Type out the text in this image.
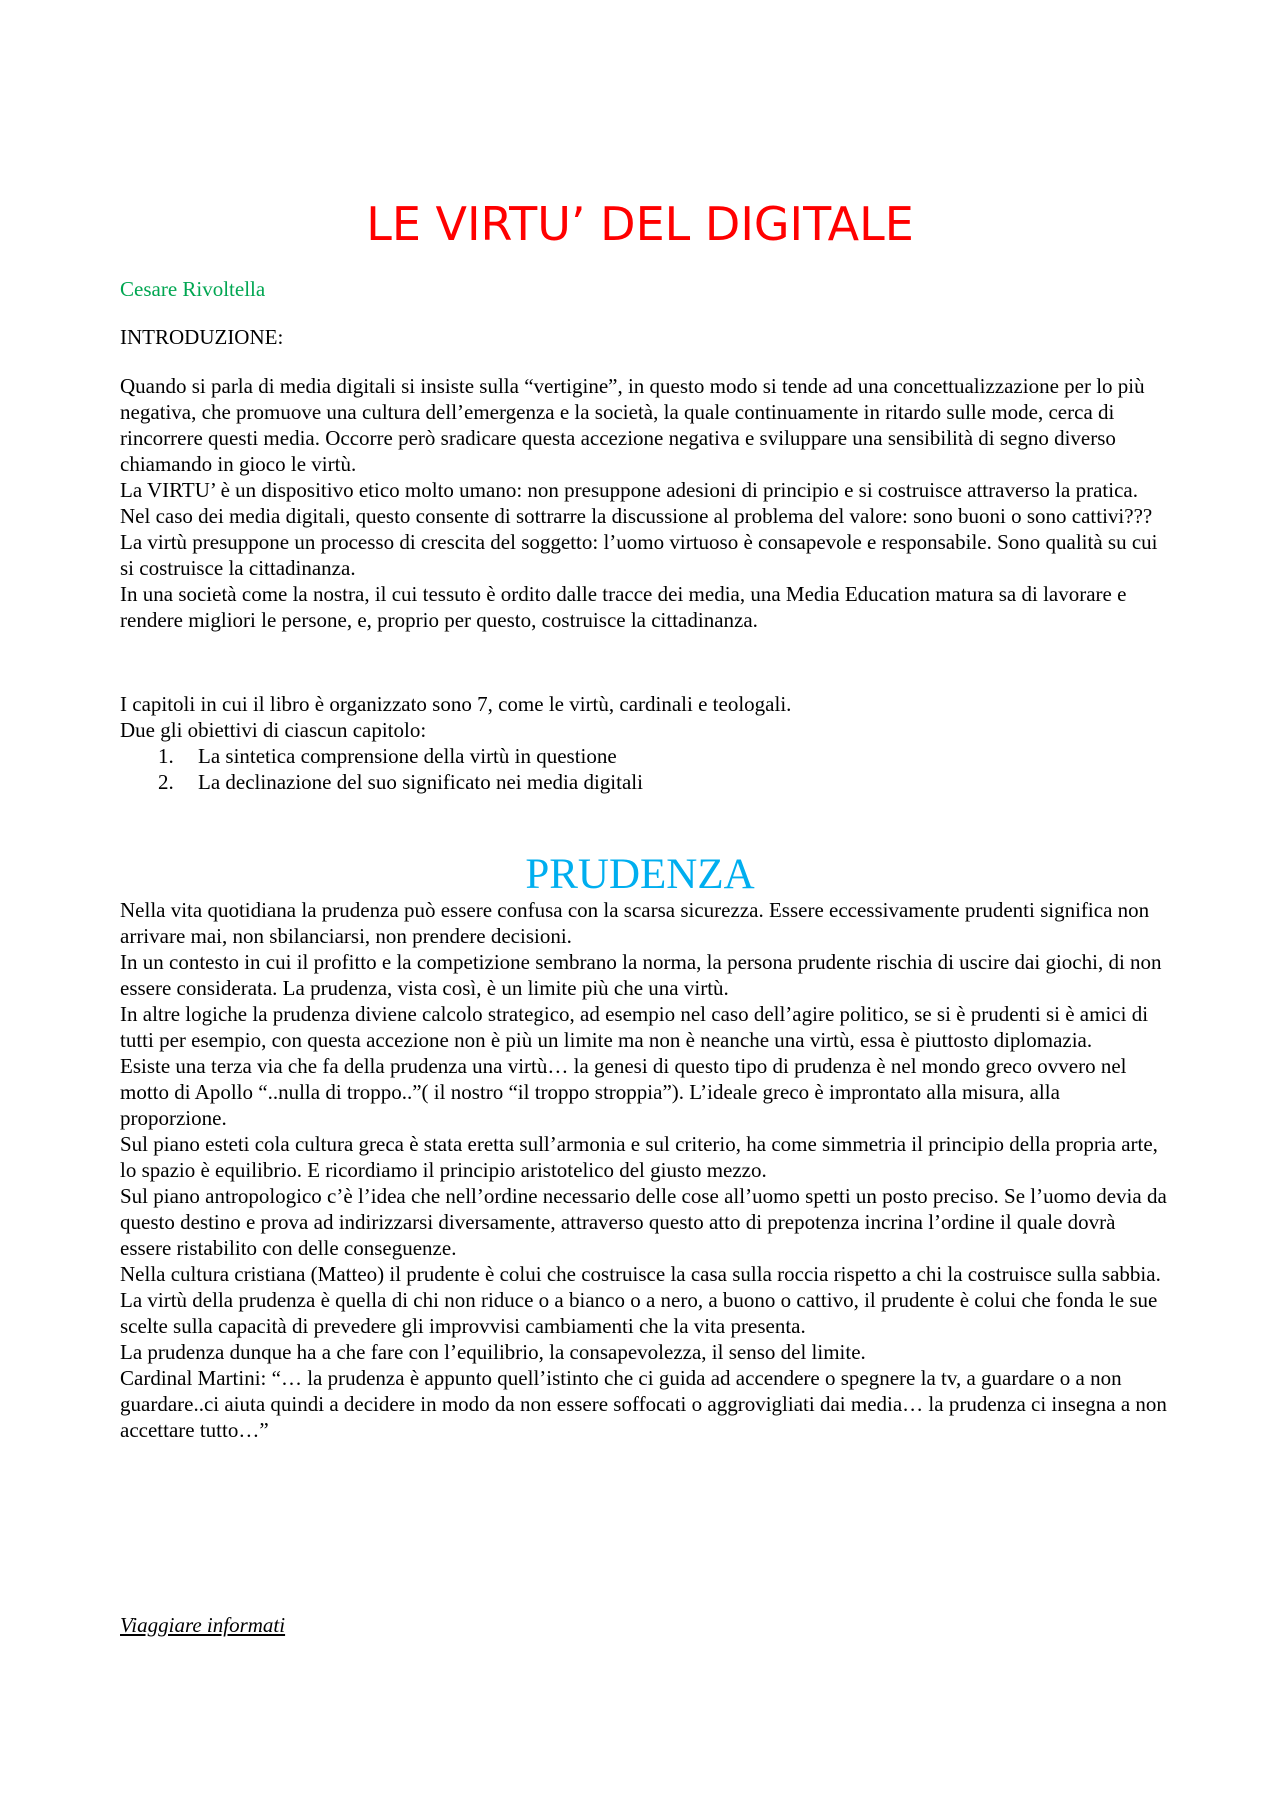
LE VIRTU’ DEL DIGITALE

Cesare Rivoltella

INTRODUZIONE:

Quando si parla di media digitali si insiste sulla “vertigine”, in questo modo si tende ad una concettualizzazione per lo più negativa, che promuove una cultura dell’emergenza e la società, la quale continuamente in ritardo sulle mode, cerca di rincorrere questi media. Occorre però sradicare questa accezione negativa e sviluppare una sensibilità di segno diverso chiamando in gioco le virtù.

La VIRTU’ è un dispositivo etico molto umano: non presuppone adesioni di principio e si costruisce attraverso la pratica. Nel caso dei media digitali, questo consente di sottrarre la discussione al problema del valore: sono buoni o sono cattivi???

La virtù presuppone un processo di crescita del soggetto: l’uomo virtuoso è consapevole e responsabile. Sono qualità su cui si costruisce la cittadinanza.

In una società come la nostra, il cui tessuto è ordito dalle tracce dei media, una Media Education matura sa di lavorare e rendere migliori le persone, e, proprio per questo, costruisce la cittadinanza.

I capitoli in cui il libro è organizzato sono 7, come le virtù, cardinali e teologali.

Due gli obiettivi di ciascun capitolo:

1. La sintetica comprensione della virtù in questione
2. La declinazione del suo significato nei media digitali
PRUDENZA

Nella vita quotidiana la prudenza può essere confusa con la scarsa sicurezza. Essere eccessivamente prudenti significa non arrivare mai, non sbilanciarsi, non prendere decisioni.

In un contesto in cui il profitto e la competizione sembrano la norma, la persona prudente rischia di uscire dai giochi, di non essere considerata. La prudenza, vista così, è un limite più che una virtù.

In altre logiche la prudenza diviene calcolo strategico, ad esempio nel caso dell’agire politico, se si è prudenti si è amici di tutti per esempio, con questa accezione non è più un limite ma non è neanche una virtù, essa è piuttosto diplomazia.

Esiste una terza via che fa della prudenza una virtù… la genesi di questo tipo di prudenza è nel mondo greco ovvero nel motto di Apollo “..nulla di troppo..”( il nostro “il troppo stroppia”). L’ideale greco è improntato alla misura, alla proporzione.

Sul piano esteti cola cultura greca è stata eretta sull’armonia e sul criterio, ha come simmetria il principio della propria arte, lo spazio è equilibrio. E ricordiamo il principio aristotelico del giusto mezzo.

Sul piano antropologico c’è l’idea che nell’ordine necessario delle cose all’uomo spetti un posto preciso. Se l’uomo devia da questo destino e prova ad indirizzarsi diversamente, attraverso questo atto di prepotenza incrina l’ordine il quale dovrà essere ristabilito con delle conseguenze.

Nella cultura cristiana (Matteo) il prudente è colui che costruisce la casa sulla roccia rispetto a chi la costruisce sulla sabbia.

La virtù della prudenza è quella di chi non riduce o a bianco o a nero, a buono o cattivo, il prudente è colui che fonda le sue scelte sulla capacità di prevedere gli improvvisi cambiamenti che la vita presenta.

La prudenza dunque ha a che fare con l’equilibrio, la consapevolezza, il senso del limite.

Cardinal Martini: “… la prudenza è appunto quell’istinto che ci guida ad accendere o spegnere la tv, a guardare o a non guardare..ci aiuta quindi a decidere in modo da non essere soffocati o aggrovigliati dai media… la prudenza ci insegna a non accettare tutto…”

Viaggiare informati
